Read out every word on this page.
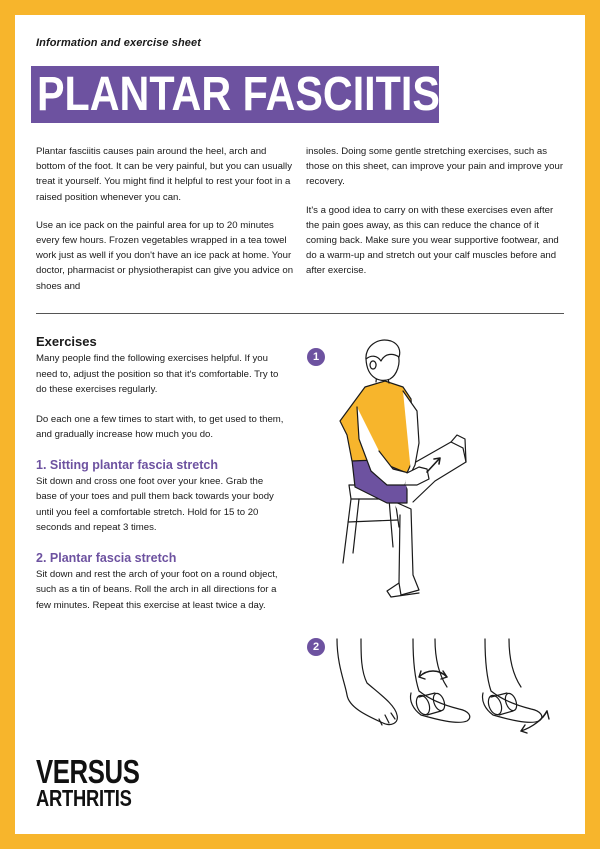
Information and exercise sheet
PLANTAR FASCIITIS

Plantar fasciitis causes pain around the heel, arch and bottom of the foot. It can be very painful, but you can usually treat it yourself. You might find it helpful to rest your foot in a raised position whenever you can.

Use an ice pack on the painful area for up to 20 minutes every few hours. Frozen vegetables wrapped in a tea towel work just as well if you don't have an ice pack at home. Your doctor, pharmacist or physiotherapist can give you advice on shoes and

insoles. Doing some gentle stretching exercises, such as those on this sheet, can improve your pain and improve your recovery.

It's a good idea to carry on with these exercises even after the pain goes away, as this can reduce the chance of it coming back. Make sure you wear supportive footwear, and do a warm-up and stretch out your calf muscles before and after exercise.

Exercises

Many people find the following exercises helpful. If you need to, adjust the position so that it's comfortable. Try to do these exercises regularly.

Do each one a few times to start with, to get used to them, and gradually increase how much you do.

1. Sitting plantar fascia stretch

Sit down and cross one foot over your knee. Grab the base of your toes and pull them back towards your body until you feel a comfortable stretch. Hold for 15 to 20 seconds and repeat 3 times.

2. Plantar fascia stretch

Sit down and rest the arch of your foot on a round object, such as a tin of beans. Roll the arch in all directions for a few minutes. Repeat this exercise at least twice a day.

1
2
VERSUS
ARTHRITIS
